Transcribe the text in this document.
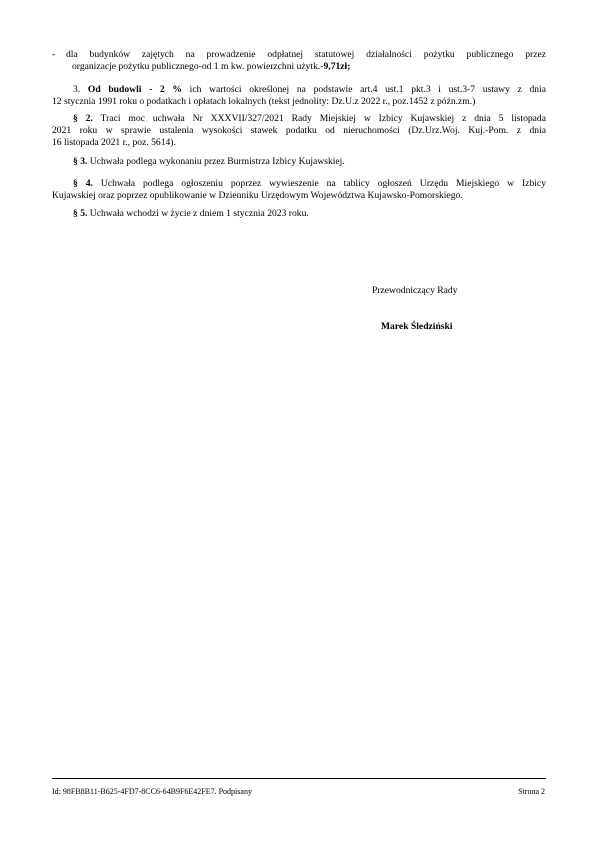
- dla budynków zajętych na prowadzenie odpłatnej statutowej działalności pożytku publicznego przez
organizacje pożytku publicznego-od 1 m kw. powierzchni użytk.-9,71zł;
3. Od budowli - 2 % ich wartości określonej na podstawie art.4 ust.1 pkt.3 i ust.3-7 ustawy z dnia
12 stycznia 1991 roku o podatkach i opłatach lokalnych (tekst jednolity: Dz.U.z 2022 r., poz.1452 z późn.zm.)
§ 2. Traci moc uchwała Nr XXXVII/327/2021 Rady Miejskiej w Izbicy Kujawskiej z dnia 5 listopada
2021 roku w sprawie ustalenia wysokości stawek podatku od nieruchomości (Dz.Urz.Woj. Kuj.-Pom. z dnia
16 listopada 2021 r., poz. 5614).
§ 3. Uchwała podlega wykonaniu przez Burmistrza Izbicy Kujawskiej.
§ 4. Uchwała podlega ogłoszeniu poprzez wywieszenie na tablicy ogłoszeń Urzędu Miejskiego w Izbicy
Kujawskiej oraz poprzez opublikowanie w Dzienniku Urzędowym Województwa Kujawsko-Pomorskiego.
§ 5. Uchwała wchodzi w życie z dniem 1 stycznia 2023 roku.
Przewodniczący Rady
Marek Śledziński
Id: 98FB8B11-B625-4FD7-8CC6-64B9F6E42FE7. Podpisany	Strona 2
